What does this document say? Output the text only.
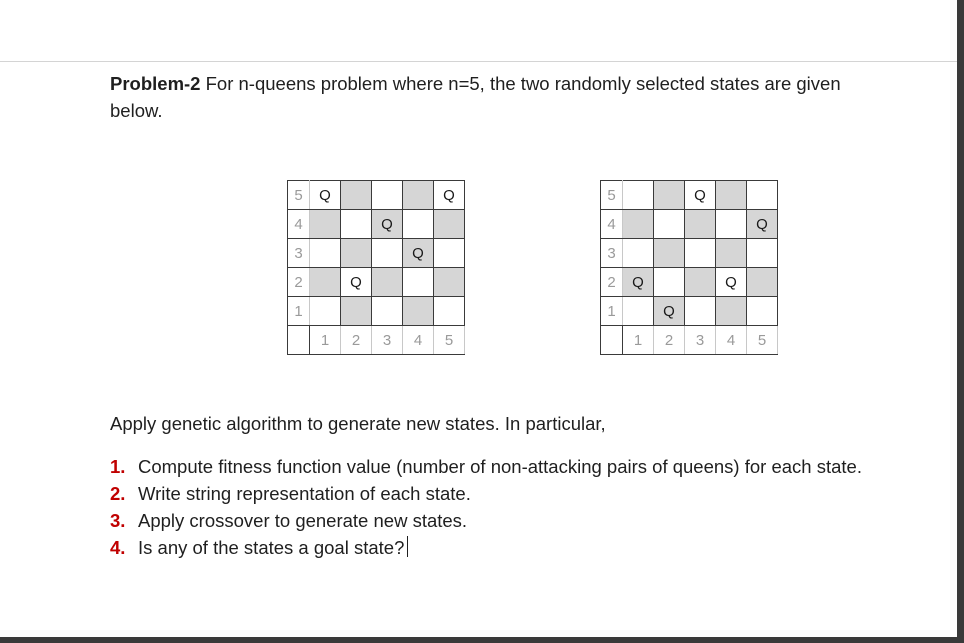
Problem-2 For n-queens problem where n=5, the two randomly selected states are given below.
5	Q				Q
4			Q		
3				Q	
2		Q			
1					
	1	2	3	4	5
5			Q		
4					Q
3					
2	Q			Q	
1		Q			
	1	2	3	4	5
Apply genetic algorithm to generate new states. In particular,
1. Compute fitness function value (number of non-attacking pairs of queens) for each state.
2. Write string representation of each state.
3. Apply crossover to generate new states.
4. Is any of the states a goal state?
